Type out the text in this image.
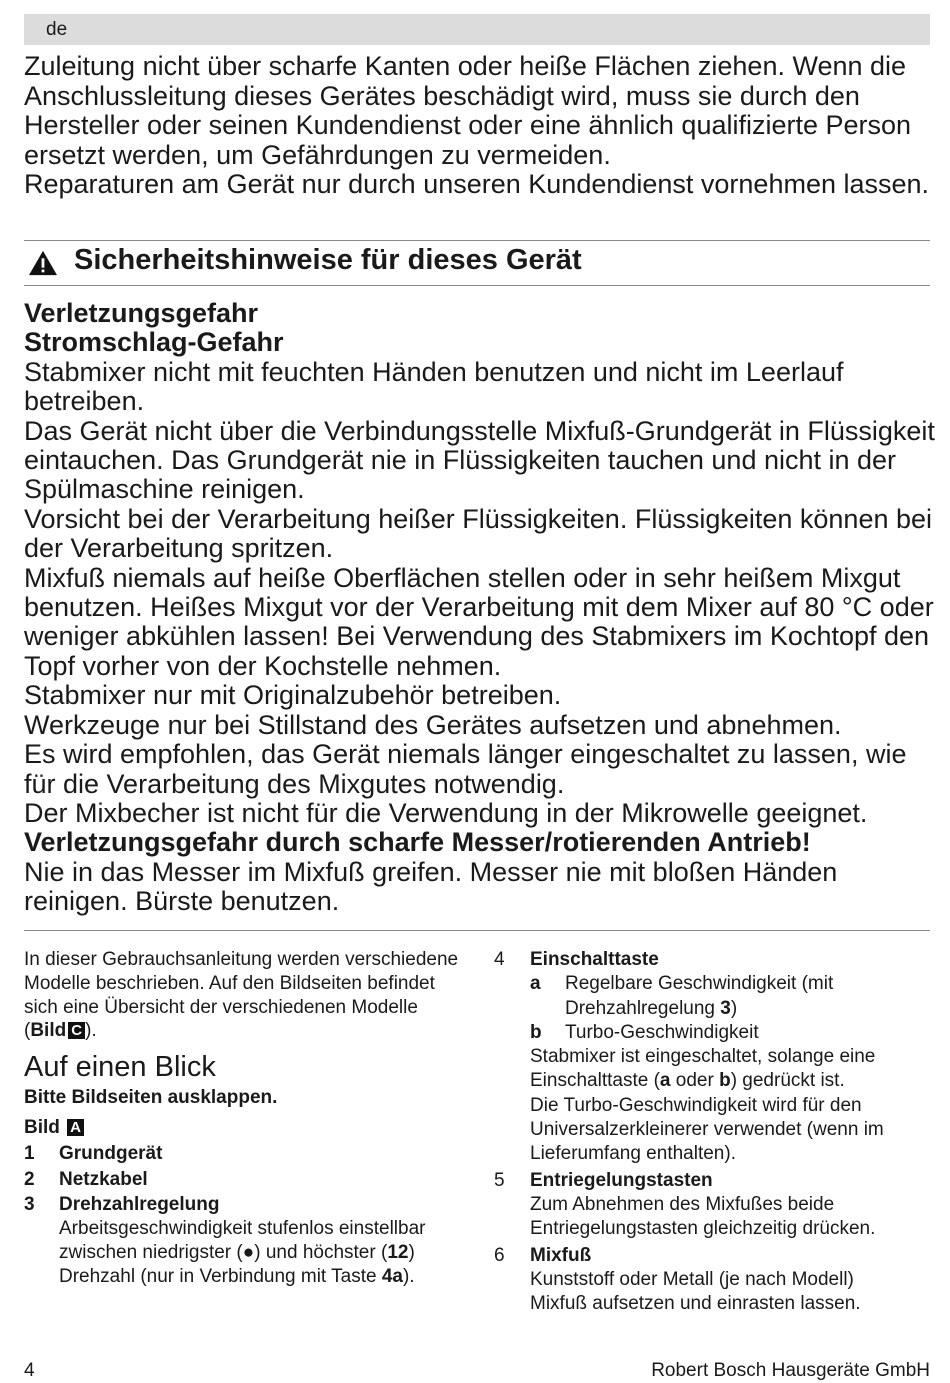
de

Zuleitung nicht über scharfe Kanten oder heiße Flächen ziehen. Wenn die Anschlussleitung dieses Gerätes beschädigt wird, muss sie durch den Hersteller oder seinen Kundendienst oder eine ähnlich qualifizierte Person ersetzt werden, um Gefährdungen zu vermeiden.

Reparaturen am Gerät nur durch unseren Kundendienst vornehmen lassen.

Sicherheitshinweise für dieses Gerät

Verletzungsgefahr

Stromschlag-Gefahr

Stabmixer nicht mit feuchten Händen benutzen und nicht im Leerlauf betreiben.

Das Gerät nicht über die Verbindungsstelle Mixfuß-Grundgerät in Flüssigkeit eintauchen. Das Grundgerät nie in Flüssigkeiten tauchen und nicht in der Spülmaschine reinigen.

Vorsicht bei der Verarbeitung heißer Flüssigkeiten. Flüssigkeiten können bei der Verarbeitung spritzen.

Mixfuß niemals auf heiße Oberflächen stellen oder in sehr heißem Mixgut benutzen. Heißes Mixgut vor der Verarbeitung mit dem Mixer auf 80 °C oder weniger abkühlen lassen! Bei Verwendung des Stabmixers im Kochtopf den Topf vorher von der Kochstelle nehmen.

Stabmixer nur mit Originalzubehör betreiben.

Werkzeuge nur bei Stillstand des Gerätes aufsetzen und abnehmen.

Es wird empfohlen, das Gerät niemals länger eingeschaltet zu lassen, wie für die Verarbeitung des Mixgutes notwendig.

Der Mixbecher ist nicht für die Verwendung in der Mikrowelle geeignet.

Verletzungsgefahr durch scharfe Messer/rotierenden Antrieb!

Nie in das Messer im Mixfuß greifen. Messer nie mit bloßen Händen reinigen. Bürste benutzen.

In dieser Gebrauchsanleitung werden verschiedene Modelle beschrieben. Auf den Bildseiten befindet sich eine Übersicht der verschiedenen Modelle (Bild C ).

Auf einen Blick

Bitte Bildseiten ausklappen.

Bild A

1	Grundgerät
2	Netzkabel
3	Drehzahlregelung
Arbeitsgeschwindigkeit stufenlos einstellbar zwischen niedrigster (●) und höchster (12) Drehzahl (nur in Verbindung mit Taste 4a).
4	Einschalttaste
a	Regelbare Geschwindigkeit (mit Drehzahlregelung 3)
b	Turbo-Geschwindigkeit
Stabmixer ist eingeschaltet, solange eine Einschalttaste (a oder b) gedrückt ist.
Die Turbo-Geschwindigkeit wird für den Universalzerkleinerer verwendet (wenn im Lieferumfang enthalten).
5	Entriegelungstasten
Zum Abnehmen des Mixfußes beide Entriegelungstasten gleichzeitig drücken.
6	Mixfuß
Kunststoff oder Metall (je nach Modell)
Mixfuß aufsetzen und einrasten lassen.
4	Robert Bosch Hausgeräte GmbH
